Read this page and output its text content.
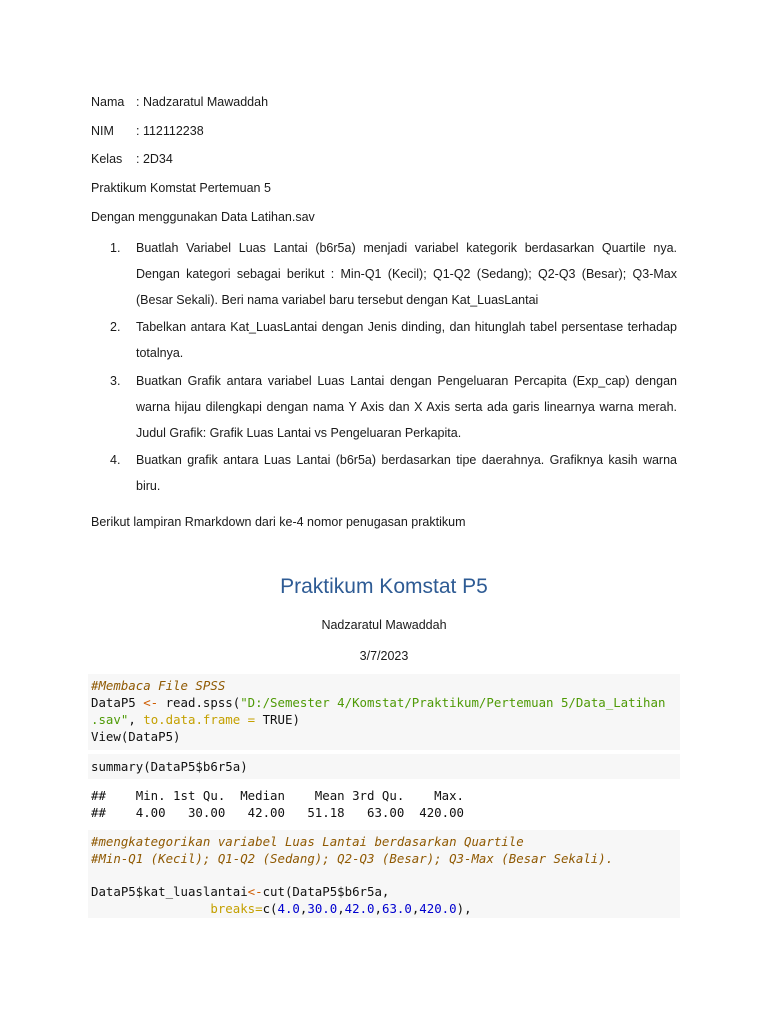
Nama : Nadzaratul Mawaddah
NIM : 112112238
Kelas : 2D34
Praktikum Komstat Pertemuan 5
Dengan menggunakan Data Latihan.sav
1. Buatlah Variabel Luas Lantai (b6r5a) menjadi variabel kategorik berdasarkan Quartile nya. Dengan kategori sebagai berikut : Min-Q1 (Kecil); Q1-Q2 (Sedang); Q2-Q3 (Besar); Q3-Max (Besar Sekali). Beri nama variabel baru tersebut dengan Kat_LuasLantai
2. Tabelkan antara Kat_LuasLantai dengan Jenis dinding, dan hitunglah tabel persentase terhadap totalnya.
3. Buatkan Grafik antara variabel Luas Lantai dengan Pengeluaran Percapita (Exp_cap) dengan warna hijau dilengkapi dengan nama Y Axis dan X Axis serta ada garis linearnya warna merah. Judul Grafik: Grafik Luas Lantai vs Pengeluaran Perkapita.
4. Buatkan grafik antara Luas Lantai (b6r5a) berdasarkan tipe daerahnya. Grafiknya kasih warna biru.
Berikut lampiran Rmarkdown dari ke-4 nomor penugasan praktikum
Praktikum Komstat P5
Nadzaratul Mawaddah
3/7/2023
#Membaca File SPSS
DataP5 <- read.spss("D:/Semester 4/Komstat/Praktikum/Pertemuan 5/Data_Latihan
.sav", to.data.frame = TRUE)
View(DataP5)
summary(DataP5$b6r5a)
##    Min. 1st Qu.  Median    Mean 3rd Qu.    Max.
##    4.00   30.00   42.00   51.18   63.00  420.00
#mengkategorikan variabel Luas Lantai berdasarkan Quartile
#Min-Q1 (Kecil); Q1-Q2 (Sedang); Q2-Q3 (Besar); Q3-Max (Besar Sekali).
DataP5$kat_luaslantai<-cut(DataP5$b6r5a,
breaks=c(4.0,30.0,42.0,63.0,420.0),
